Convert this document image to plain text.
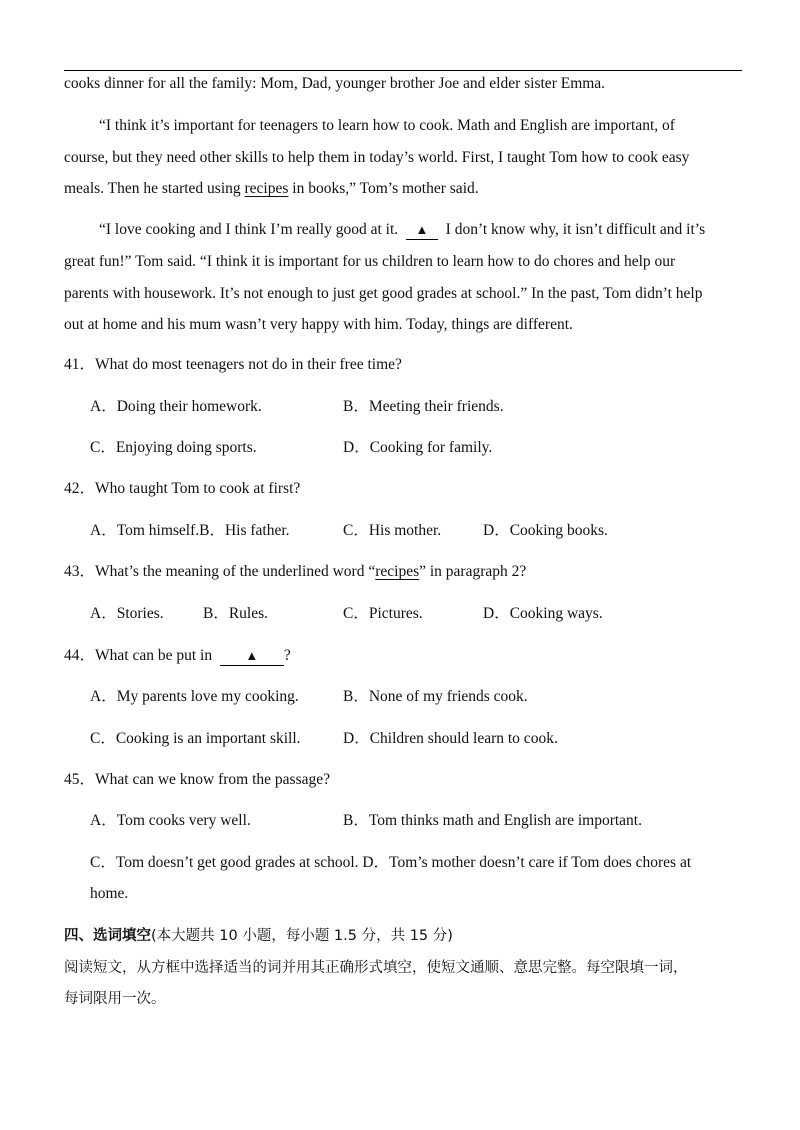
cooks dinner for all the family: Mom, Dad, younger brother Joe and elder sister Emma.
“I think it’s important for teenagers to learn how to cook. Math and English are important, of
course, but they need other skills to help them in today’s world. First, I taught Tom how to cook easy
meals. Then he started using recipes in books,” Tom’s mother said.
“I love cooking and I think I’m really good at it. ▲ I don’t know why, it isn’t difficult and it’s
great fun!” Tom said. “I think it is important for us children to learn how to do chores and help our
parents with housework. It’s not enough to just get good grades at school.” In the past, Tom didn’t help
out at home and his mum wasn’t very happy with him. Today, things are different.
41．What do most teenagers not do in their free time?
A．Doing their homework.	B．Meeting their friends.
C．Enjoying doing sports.	D．Cooking for family.
42．Who taught Tom to cook at first?
A．Tom himself.B．His father.	C．His mother.	D．Cooking books.
43．What’s the meaning of the underlined word “recipes” in paragraph 2?
A．Stories.	B．Rules.	C．Pictures.	D．Cooking ways.
44．What can be put in	▲ ?
A．My parents love my cooking.	B．None of my friends cook.
C．Cooking is an important skill.	D．Children should learn to cook.
45．What can we know from the passage?
A．Tom cooks very well.	B．Tom thinks math and English are important.
C．Tom doesn’t get good grades at school. D．Tom’s mother doesn’t care if Tom does chores at
home.
四、选词填空(本大题共 10 小题，每小题 1.5 分，共 15 分)
阅读短文，从方框中选择适当的词并用其正确形式填空，使短文通顺、意思完整。每空限填一词，
每词限用一次。
